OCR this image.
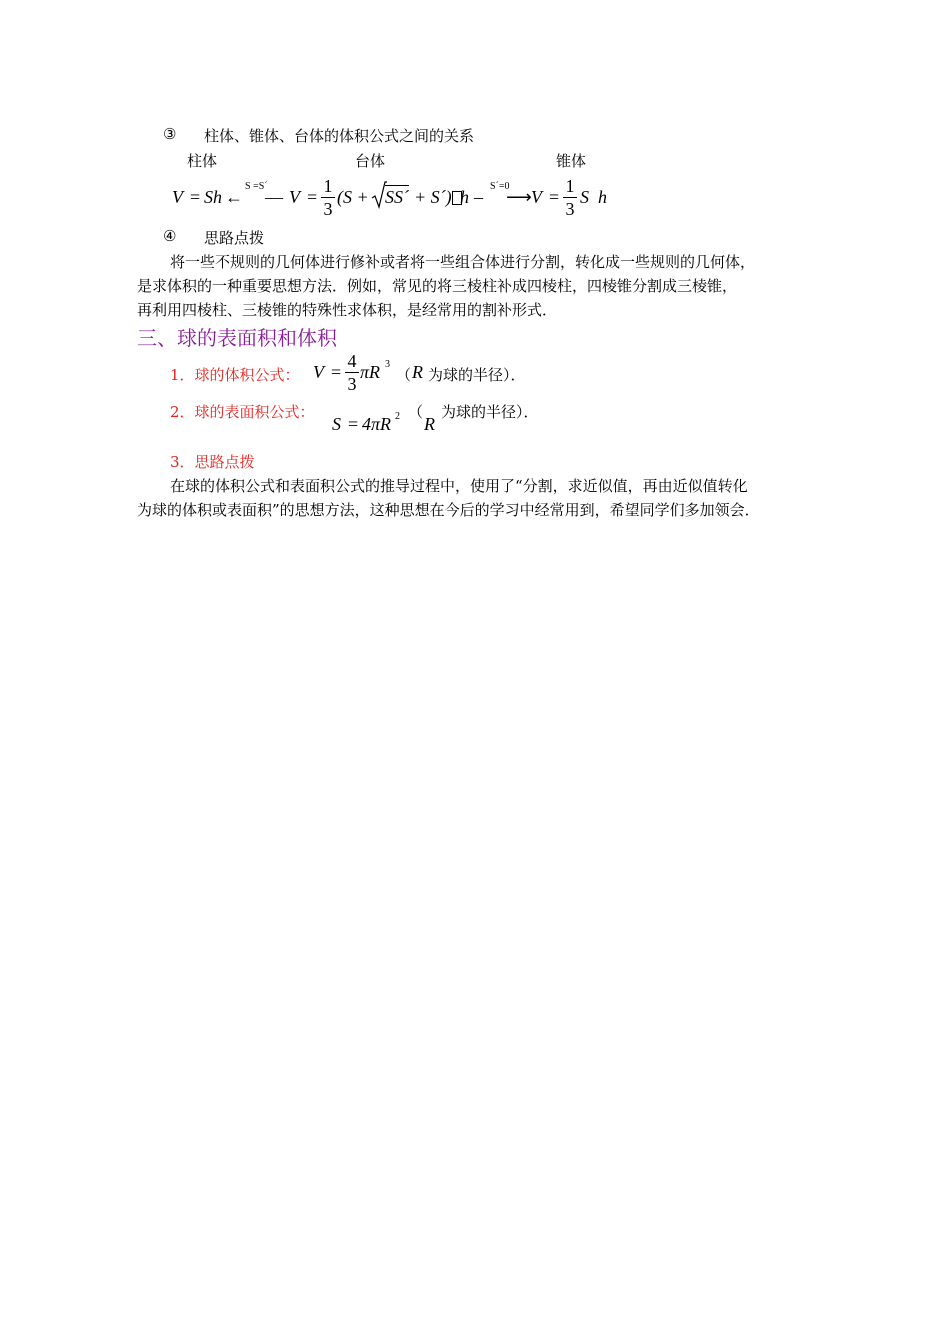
③ 柱体、锥体、台体的体积公式之间的关系
柱体	台体	锥体
V = Sh ←
S =S´
— V =
1
3
(S + SS´ + S´) h –
S´=0
⟶ V =
1
3
S  h
④ 思路点拨
将一些不规则的几何体进行修补或者将一些组合体进行分割，转化成一些规则的几何体，
是求体积的一种重要思想方法．例如，常见的将三棱柱补成四棱柱，四棱锥分割成三棱锥，
再利用四棱柱、三棱锥的特殊性求体积，是经常用的割补形式．
三、球的表面积和体积
1．球的体积公式： V =
4
3
πR 3
（ R 为球的半径）．
2．球的表面积公式：
S = 4πR 2 （
R
为球的半径）．
3．思路点拨
在球的体积公式和表面积公式的推导过程中，使用了“分割，求近似值，再由近似值转化
为球的体积或表面积”的思想方法，这种思想在今后的学习中经常用到，希望同学们多加领会．
